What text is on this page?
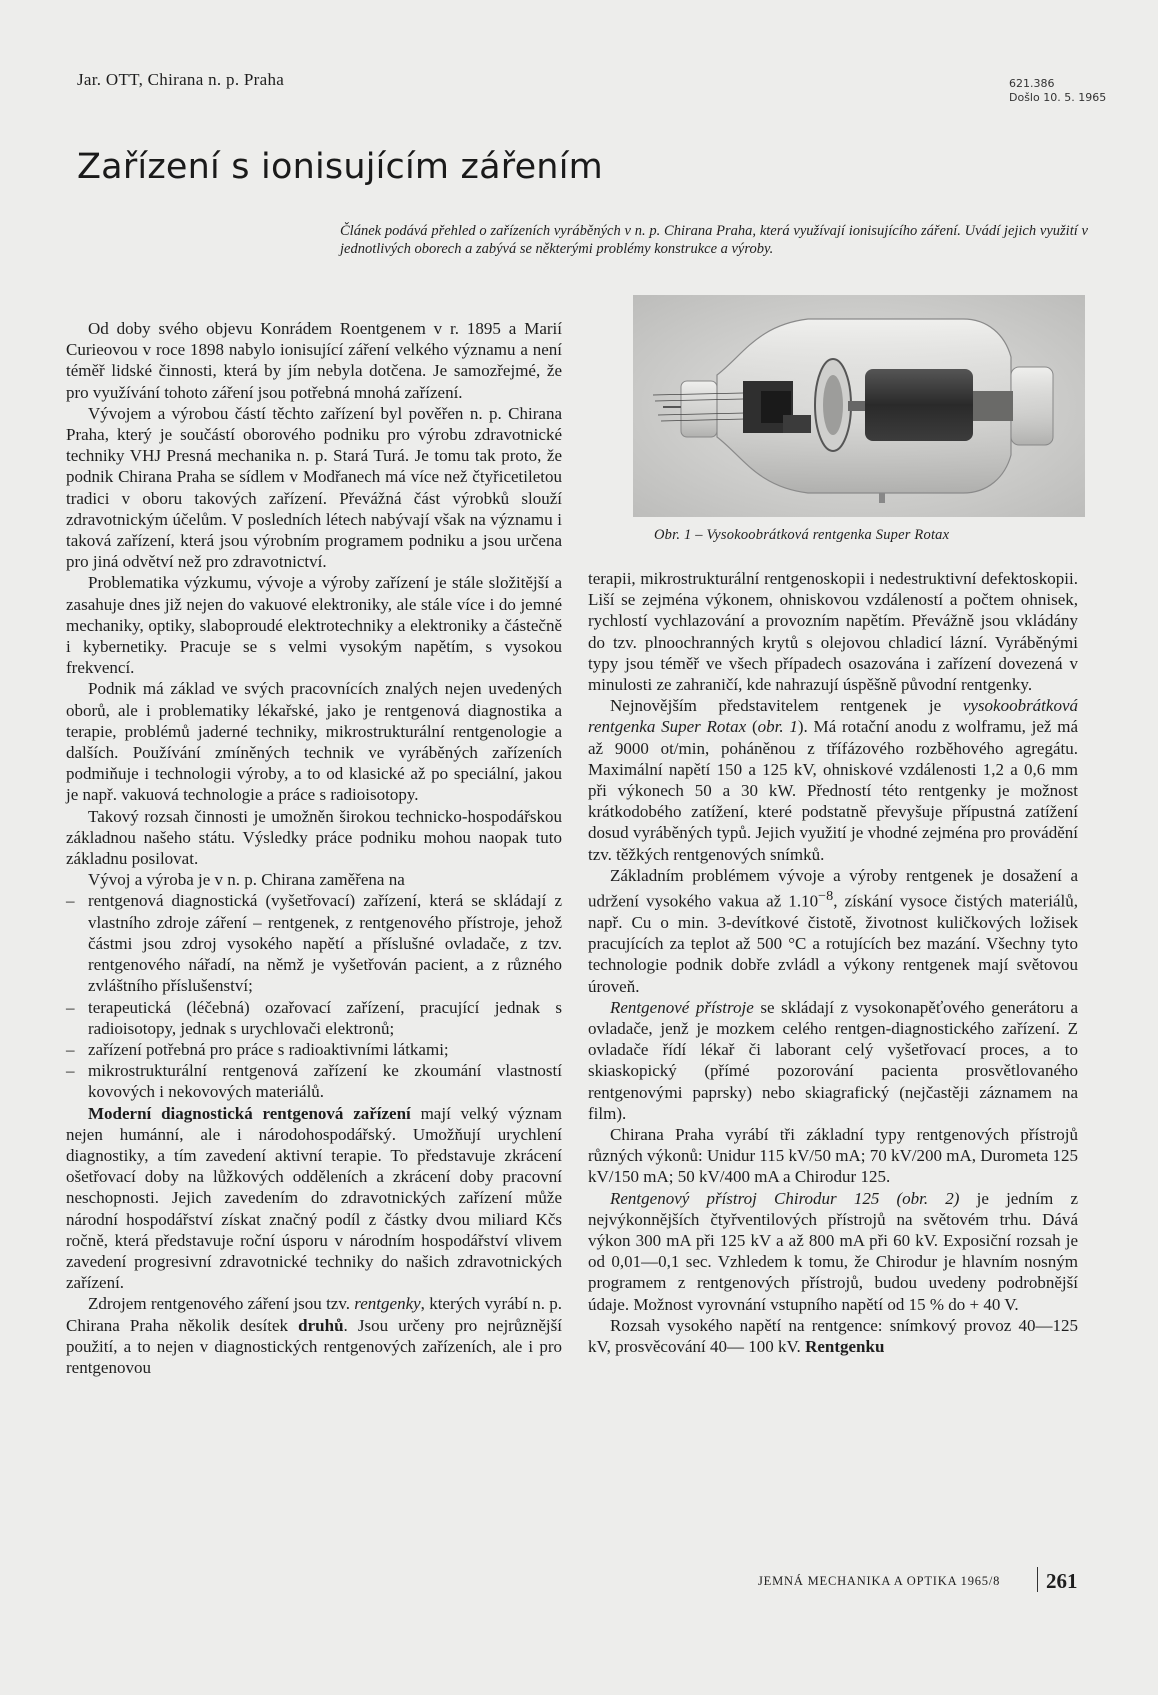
Jar. OTT, Chirana n. p. Praha	621.386
Došlo 10. 5. 1965
Zařízení s ionisujícím zářením
Článek podává přehled o zařízeních vyráběných v n. p. Chirana Praha, která využívají ionisujícího záření. Uvádí jejich využití v jednotlivých oborech a zabývá se některými problémy konstrukce a výroby.

Od doby svého objevu Konrádem Roentgenem v r. 1895 a Marií Curieovou v roce 1898 nabylo ionisující záření velkého významu a není téměř lidské činnosti, která by jím nebyla dotčena. Je samozřejmé, že pro využívání tohoto záření jsou potřebná mnohá zařízení.

Vývojem a výrobou částí těchto zařízení byl pověřen n. p. Chirana Praha, který je součástí oborového podniku pro výrobu zdravotnické techniky VHJ Presná mechanika n. p. Stará Turá. Je tomu tak proto, že podnik Chirana Praha se sídlem v Modřanech má více než čtyřicetiletou tradici v oboru takových zařízení. Převážná část výrobků slouží zdravotnickým účelům. V posledních létech nabývají však na významu i taková zařízení, která jsou výrobním programem podniku a jsou určena pro jiná odvětví než pro zdravotnictví.

Problematika výzkumu, vývoje a výroby zařízení je stále složitější a zasahuje dnes již nejen do vakuové elektroniky, ale stále více i do jemné mechaniky, optiky, slaboproudé elektrotechniky a elektroniky a částečně i kybernetiky. Pracuje se s velmi vysokým napětím, s vysokou frekvencí.

Podnik má základ ve svých pracovnících znalých nejen uvedených oborů, ale i problematiky lékařské, jako je rentgenová diagnostika a terapie, problémů jaderné techniky, mikrostrukturální rentgenologie a dalších. Používání zmíněných technik ve vyráběných zařízeních podmiňuje i technologii výroby, a to od klasické až po speciální, jakou je např. vakuová technologie a práce s radioisotopy.

Takový rozsah činnosti je umožněn širokou technicko-hospodářskou základnou našeho státu. Výsledky práce podniku mohou naopak tuto základnu posilovat.

Vývoj a výroba je v n. p. Chirana zaměřena na

– rentgenová diagnostická (vyšetřovací) zařízení, která se skládají z vlastního zdroje záření – rentgenek, z rentgenového přístroje, jehož částmi jsou zdroj vysokého napětí a příslušné ovladače, z tzv. rentgenového nářadí, na němž je vyšetřován pacient, a z různého zvláštního příslušenství;
– terapeutická (léčebná) ozařovací zařízení, pracující jednak s radioisotopy, jednak s urychlovači elektronů;
– zařízení potřebná pro práce s radioaktivními látkami;
– mikrostrukturální rentgenová zařízení ke zkoumání vlastností kovových i nekovových materiálů.

Moderní diagnostická rentgenová zařízení mají velký význam nejen humánní, ale i národohospodářský. Umožňují urychlení diagnostiky, a tím zavedení aktivní terapie. To představuje zkrácení ošetřovací doby na lůžkových odděleních a zkrácení doby pracovní neschopnosti. Jejich zavedením do zdravotnických zařízení může národní hospodářství získat značný podíl z částky dvou miliard Kčs ročně, která představuje roční úsporu v národním hospodářství vlivem zavedení progresivní zdravotnické techniky do našich zdravotnických zařízení.

Zdrojem rentgenového záření jsou tzv. rentgenky, kterých vyrábí n. p. Chirana Praha několik desítek druhů. Jsou určeny pro nejrůznější použití, a to nejen v diagnostických rentgenových zařízeních, ale i pro rentgenovou

Obr. 1 – Vysokoobrátková rentgenka Super Rotax

terapii, mikrostrukturální rentgenoskopii i nedestruktivní defektoskopii. Liší se zejména výkonem, ohniskovou vzdáleností a počtem ohnisek, rychlostí vychlazování a provozním napětím. Převážně jsou vkládány do tzv. plnoochranných krytů s olejovou chladicí lázní. Vyráběnými typy jsou téměř ve všech případech osazována i zařízení dovezená v minulosti ze zahraničí, kde nahrazují úspěšně původní rentgenky.

Nejnovějším představitelem rentgenek je vysokoobrátková rentgenka Super Rotax (obr. 1). Má rotační anodu z wolframu, jež má až 9000 ot/min, poháněnou z třífázového rozběhového agregátu. Maximální napětí 150 a 125 kV, ohniskové vzdálenosti 1,2 a 0,6 mm při výkonech 50 a 30 kW. Předností této rentgenky je možnost krátkodobého zatížení, které podstatně převyšuje přípustná zatížení dosud vyráběných typů. Jejich využití je vhodné zejména pro provádění tzv. těžkých rentgenových snímků.

Základním problémem vývoje a výroby rentgenek je dosažení a udržení vysokého vakua až $1.10^{-8}$, získání vysoce čistých materiálů, např. Cu o min. 3-devítkové čistotě, životnost kuličkových ložisek pracujících za teplot až 500 °C a rotujících bez mazání. Všechny tyto technologie podnik dobře zvládl a výkony rentgenek mají světovou úroveň.

Rentgenové přístroje se skládají z vysokonapěťového generátoru a ovladače, jenž je mozkem celého rentgen-diagnostického zařízení. Z ovladače řídí lékař či laborant celý vyšetřovací proces, a to skiaskopický (přímé pozorování pacienta prosvětlovaného rentgenovými paprsky) nebo skiagrafický (nejčastěji záznamem na film).

Chirana Praha vyrábí tři základní typy rentgenových přístrojů různých výkonů: Unidur 115 kV/50 mA; 70 kV/200 mA, Durometa 125 kV/150 mA; 50 kV/400 mA a Chirodur 125.

Rentgenový přístroj Chirodur 125 (obr. 2) je jedním z nejvýkonnějších čtyřventilových přístrojů na světovém trhu. Dává výkon 300 mA při 125 kV a až 800 mA při 60 kV. Exposiční rozsah je od 0,01—0,1 sec. Vzhledem k tomu, že Chirodur je hlavním nosným programem z rentgenových přístrojů, budou uvedeny podrobnější údaje. Možnost vyrovnání vstupního napětí od 15 % do + 40 V.

Rozsah vysokého napětí na rentgence: snímkový provoz 40—125 kV, prosvěcování 40— 100 kV. Rentgenku

JEMNÁ MECHANIKA A OPTIKA 1965/8 261
